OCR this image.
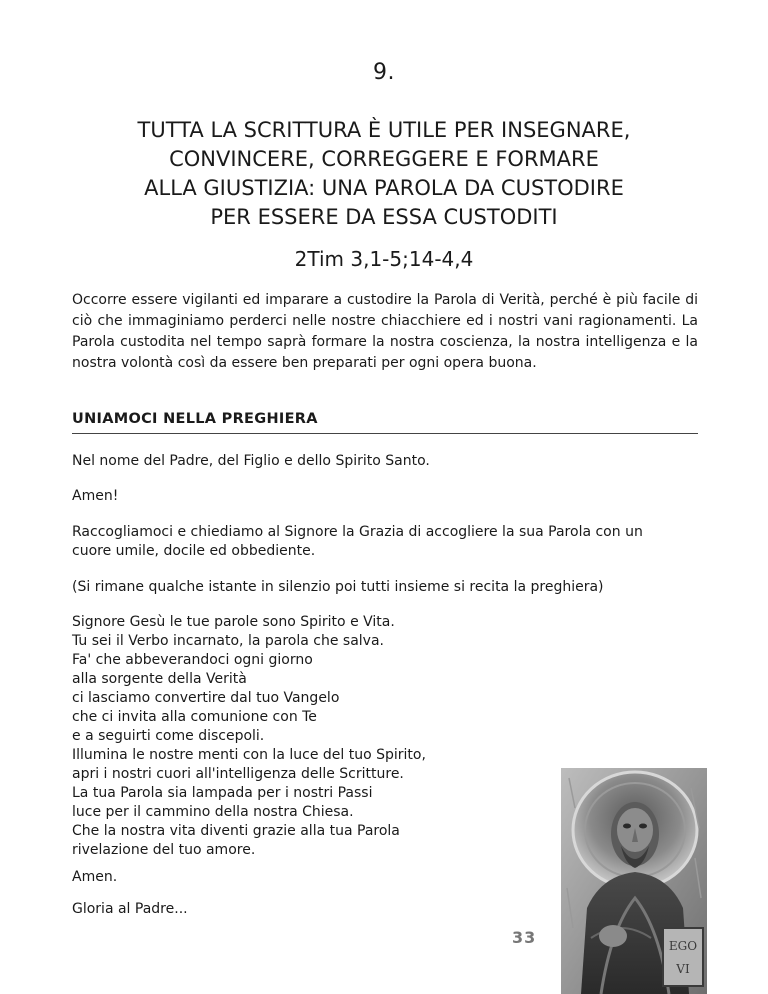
9.
TUTTA LA SCRITTURA È UTILE PER INSEGNARE,
CONVINCERE, CORREGGERE E FORMARE
ALLA GIUSTIZIA: UNA PAROLA DA CUSTODIRE
PER ESSERE DA ESSA CUSTODITI
2Tim 3,1-5;14-4,4

Occorre essere vigilanti ed imparare a custodire la Parola di Verità, perché è più facile di ciò che immaginiamo perderci nelle nostre chiacchiere ed i nostri vani ragionamenti. La Parola custodita nel tempo saprà formare la nostra coscienza, la nostra intelligenza e la nostra volontà così da essere ben preparati per ogni opera buona.

UNIAMOCI NELLA PREGHIERA

Nel nome del Padre, del Figlio e dello Spirito Santo.

Amen!

Raccogliamoci e chiediamo al Signore la Grazia di accogliere la sua Parola con un cuore umile, docile ed obbediente.

(Si rimane qualche istante in silenzio poi tutti insieme si recita la preghiera)

Signore Gesù le tue parole sono Spirito e Vita.
Tu sei il Verbo incarnato, la parola che salva.
Fa' che abbeverandoci ogni giorno
alla sorgente della Verità
ci lasciamo convertire dal tuo Vangelo
che ci invita alla comunione con Te
e a seguirti come discepoli.
Illumina le nostre menti con la luce del tuo Spirito,
apri i nostri cuori all'intelligenza delle Scritture.
La tua Parola sia lampada per i nostri Passi
luce per il cammino della nostra Chiesa.
Che la nostra vita diventi grazie alla tua Parola
rivelazione del tuo amore.

Amen.

Gloria al Padre...

33	EGO
VI
